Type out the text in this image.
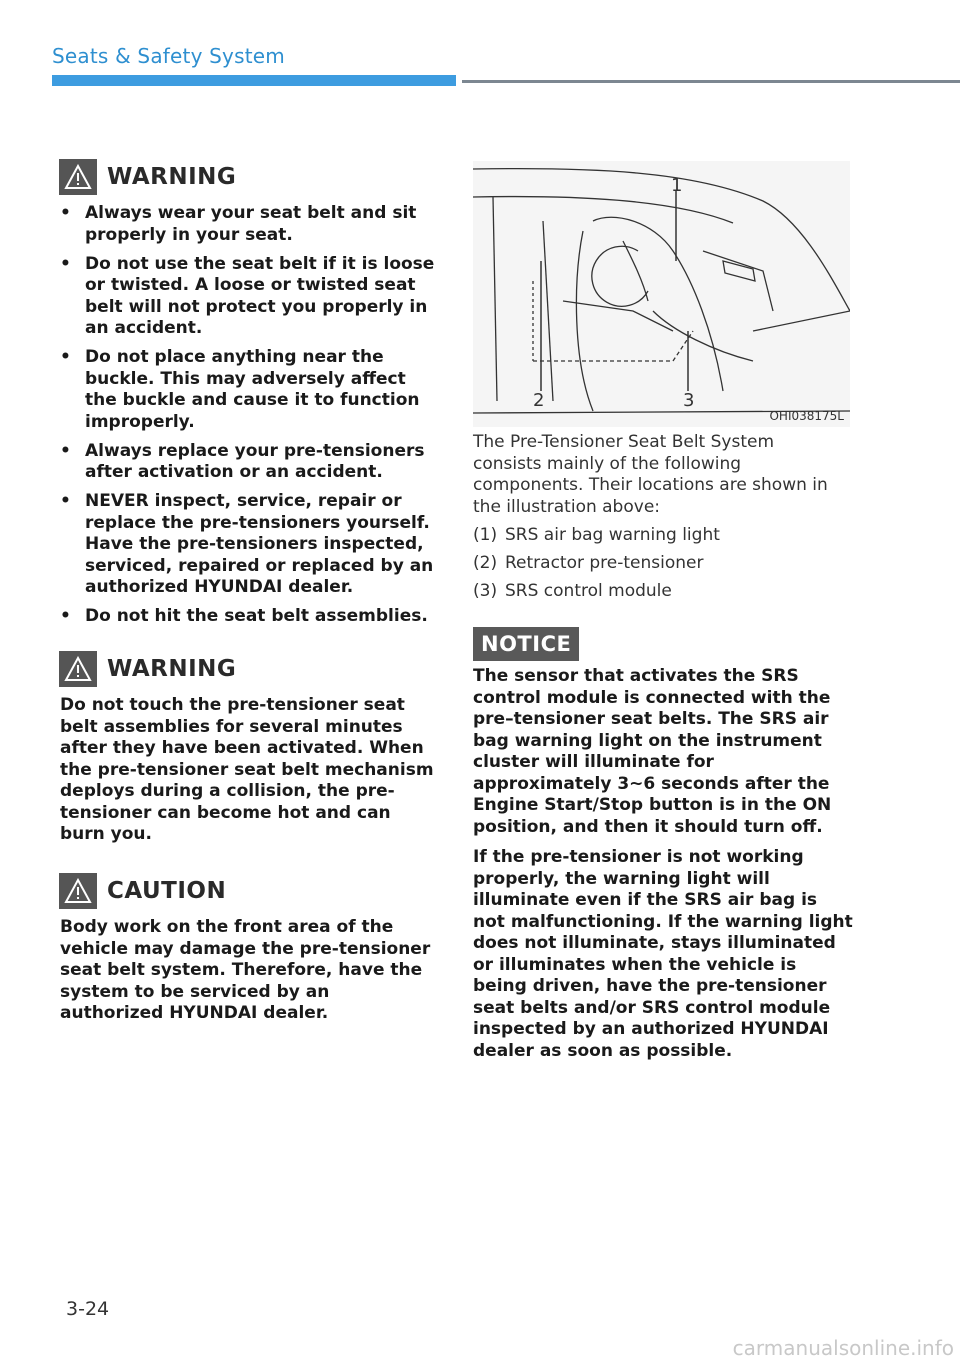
Seats & Safety System
WARNING
• Always wear your seat belt and sit properly in your seat.
• Do not use the seat belt if it is loose or twisted. A loose or twisted seat belt will not protect you properly in an accident.
• Do not place anything near the buckle. This may adversely affect the buckle and cause it to function improperly.
• Always replace your pre-tensioners after activation or an accident.
• NEVER inspect, service, repair or replace the pre-tensioners yourself. Have the pre-tensioners inspected, serviced, repaired or replaced by an authorized HYUNDAI dealer.
• Do not hit the seat belt assemblies.
WARNING

Do not touch the pre-tensioner seat belt assemblies for several minutes after they have been activated. When the pre-tensioner seat belt mechanism deploys during a collision, the pre-tensioner can become hot and can burn you.

CAUTION

Body work on the front area of the vehicle may damage the pre-tensioner seat belt system. Therefore, have the system to be serviced by an authorized HYUNDAI dealer.

1
2	3
OHI038175L

The Pre-Tensioner Seat Belt System consists mainly of the following components. Their locations are shown in the illustration above:

(1) SRS air bag warning light
(2) Retractor pre-tensioner
(3) SRS control module
NOTICE

The sensor that activates the SRS control module is connected with the pre–tensioner seat belts. The SRS air bag warning light on the instrument cluster will illuminate for approximately 3~6 seconds after the Engine Start/Stop button is in the ON position, and then it should turn off.

If the pre-tensioner is not working properly, the warning light will illuminate even if the SRS air bag is not malfunctioning. If the warning light does not illuminate, stays illuminated or illuminates when the vehicle is being driven, have the pre-tensioner seat belts and/or SRS control module inspected by an authorized HYUNDAI dealer as soon as possible.

3-24
carmanualsonline.info
